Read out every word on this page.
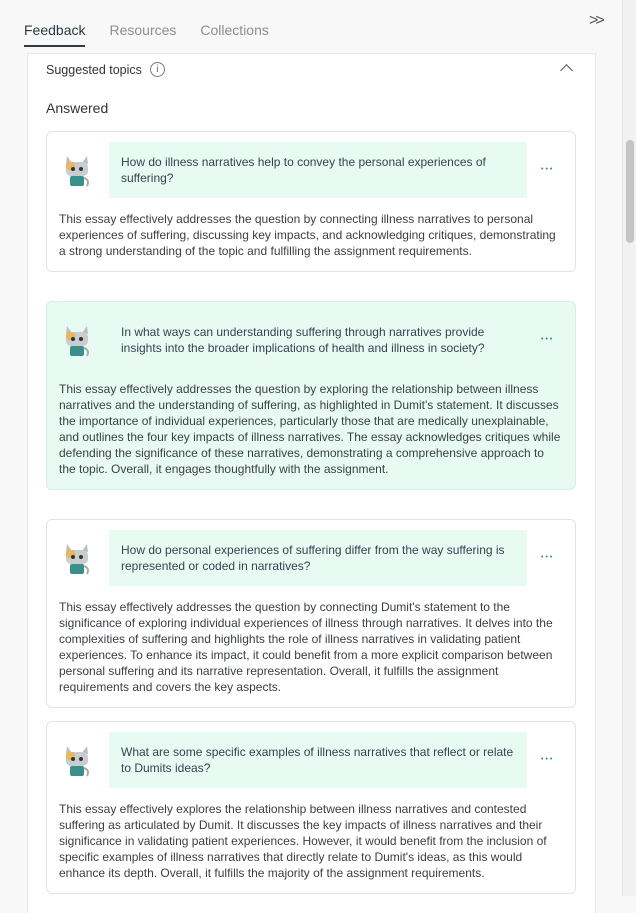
Feedback Resources Collections
>>
Suggested topics	i
Answered
How do illness narratives help to convey the personal experiences of suffering?
•••
This essay effectively addresses the question by connecting illness narratives to personal experiences of suffering, discussing key impacts, and acknowledging critiques, demonstrating a strong understanding of the topic and fulfilling the assignment requirements.
In what ways can understanding suffering through narratives provide insights into the broader implications of health and illness in society?
•••
This essay effectively addresses the question by exploring the relationship between illness narratives and the understanding of suffering, as highlighted in Dumit's statement. It discusses the importance of individual experiences, particularly those that are medically unexplainable, and outlines the four key impacts of illness narratives. The essay acknowledges critiques while defending the significance of these narratives, demonstrating a comprehensive approach to the topic. Overall, it engages thoughtfully with the assignment.
How do personal experiences of suffering differ from the way suffering is represented or coded in narratives?
•••
This essay effectively addresses the question by connecting Dumit's statement to the significance of exploring individual experiences of illness through narratives. It delves into the complexities of suffering and highlights the role of illness narratives in validating patient experiences. To enhance its impact, it could benefit from a more explicit comparison between personal suffering and its narrative representation. Overall, it fulfills the assignment requirements and covers the key aspects.
What are some specific examples of illness narratives that reflect or relate to Dumits ideas?
•••
This essay effectively explores the relationship between illness narratives and contested suffering as articulated by Dumit. It discusses the key impacts of illness narratives and their significance in validating patient experiences. However, it would benefit from the inclusion of specific examples of illness narratives that directly relate to Dumit's ideas, as this would enhance its depth. Overall, it fulfills the majority of the assignment requirements.
